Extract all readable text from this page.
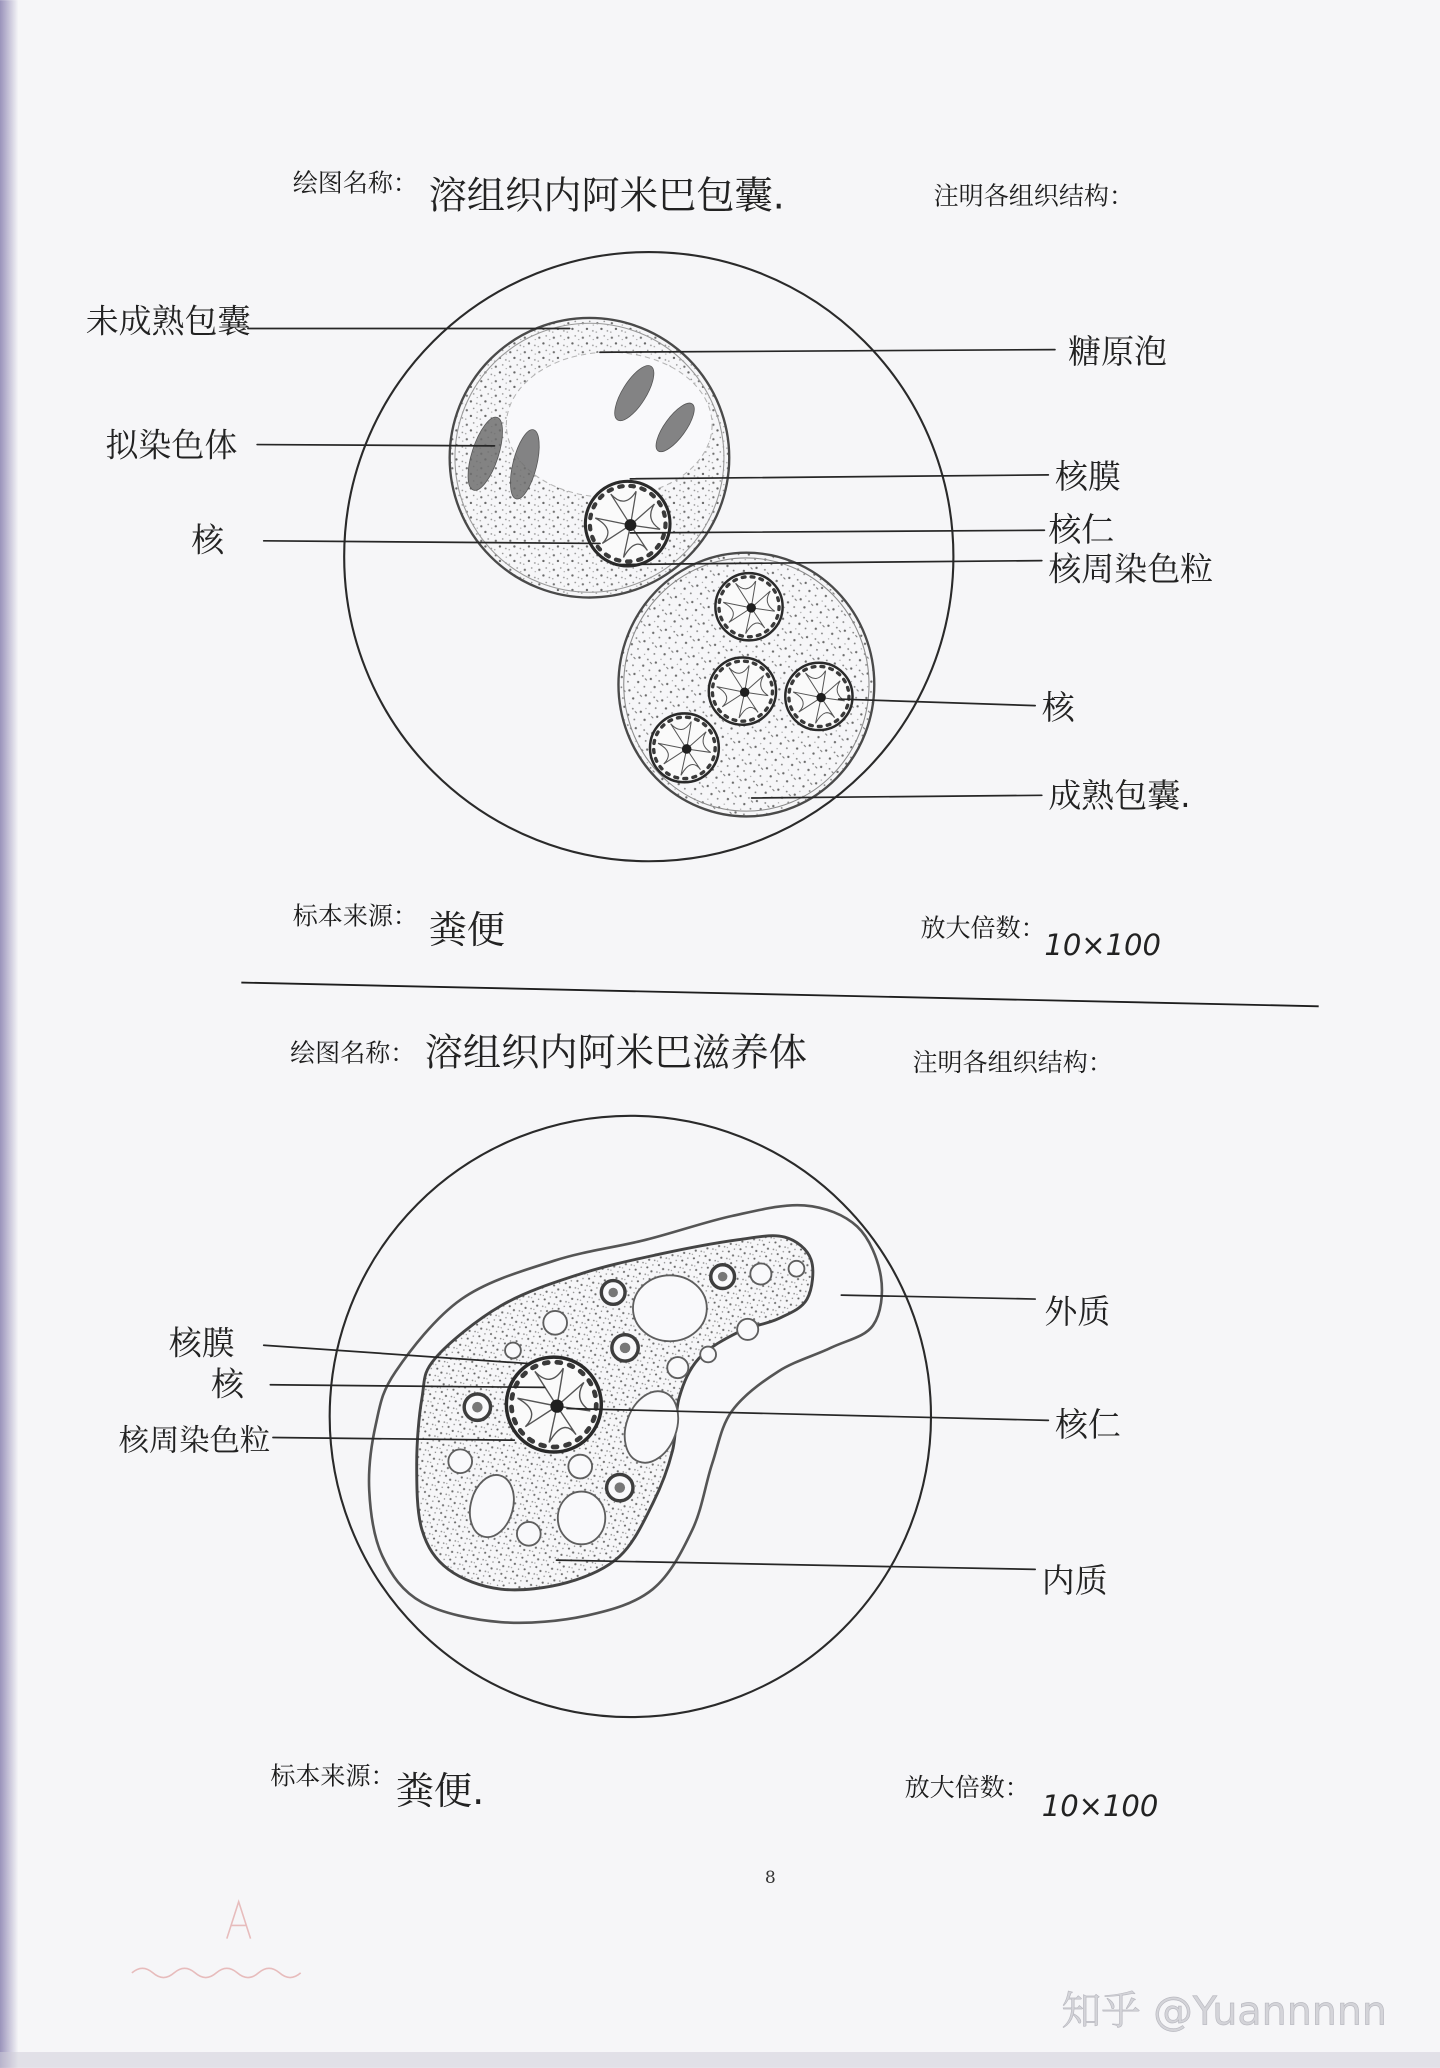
绘图名称： 溶组织内阿米巴包囊.	注明各组织结构：
未成熟包囊
拟染色体
核
糖原泡
核膜
核仁
核周染色粒
核
成熟包囊.
标本来源： 粪便	放大倍数：
10×100
绘图名称： 溶组织内阿米巴滋养体	注明各组织结构：
核膜
核
核周染色粒
外质
核仁
内质
标本来源： 粪便.	放大倍数：
10×100
8
知乎 @Yuannnnn
